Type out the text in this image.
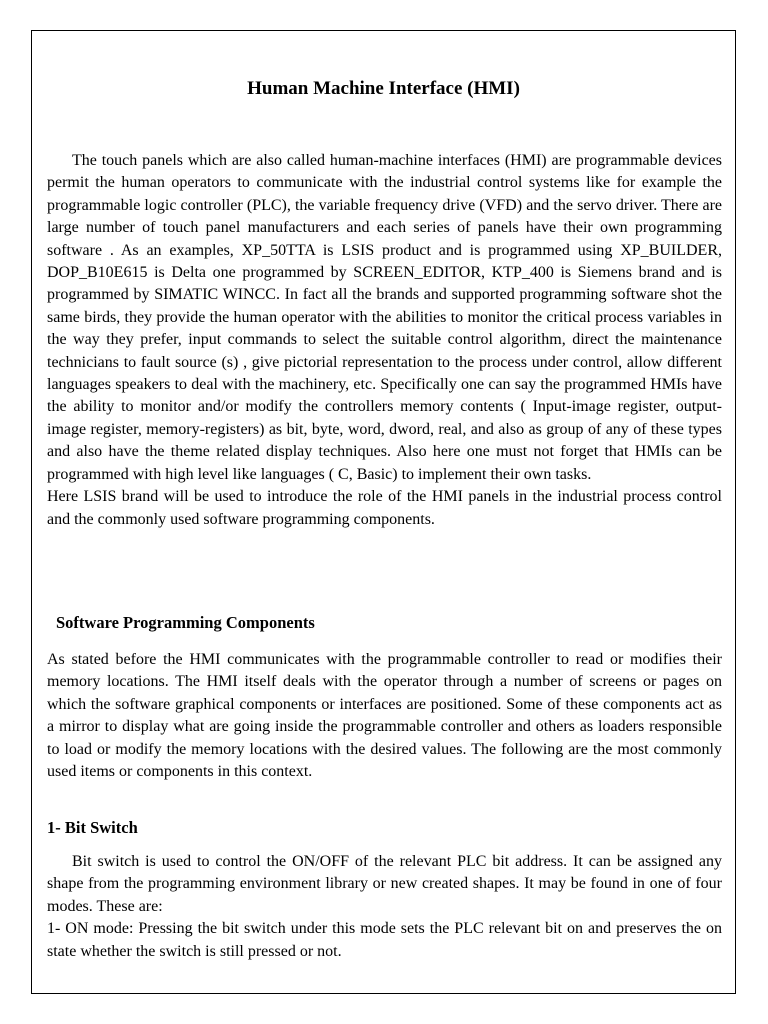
Human Machine Interface (HMI)

The touch panels which are also called human-machine interfaces (HMI) are programmable devices permit the human operators to communicate with the industrial control systems like for example the programmable logic controller (PLC), the variable frequency drive (VFD) and the servo driver. There are large number of touch panel manufacturers and each series of panels have their own programming software . As an examples, XP_50TTA is LSIS product and is programmed using XP_BUILDER, DOP_B10E615 is Delta one programmed by SCREEN_EDITOR, KTP_400 is Siemens brand and is programmed by SIMATIC WINCC. In fact all the brands and supported programming software shot the same birds, they provide the human operator with the abilities to monitor the critical process variables in the way they prefer, input commands to select the suitable control algorithm, direct the maintenance technicians to fault source (s) , give pictorial representation to the process under control, allow different languages speakers to deal with the machinery, etc. Specifically one can say the programmed HMIs have the ability to monitor and/or modify the controllers memory contents ( Input-image register, output-image register, memory-registers) as bit, byte, word, dword, real, and also as group of any of these types and also have the theme related display techniques. Also here one must not forget that HMIs can be programmed with high level like languages ( C, Basic) to implement their own tasks.

Here LSIS brand will be used to introduce the role of the HMI panels in the industrial process control and the commonly used software programming components.

Software Programming Components

As stated before the HMI communicates with the programmable controller to read or modifies their memory locations. The HMI itself deals with the operator through a number of screens or pages on which the software graphical components or interfaces are positioned. Some of these components act as a mirror to display what are going inside the programmable controller and others as loaders responsible to load or modify the memory locations with the desired values. The following are the most commonly used items or components in this context.

1- Bit Switch

Bit switch is used to control the ON/OFF of the relevant PLC bit address. It can be assigned any shape from the programming environment library or new created shapes. It may be found in one of four modes. These are:

1- ON mode: Pressing the bit switch under this mode sets the PLC relevant bit on and preserves the on state whether the switch is still pressed or not.
